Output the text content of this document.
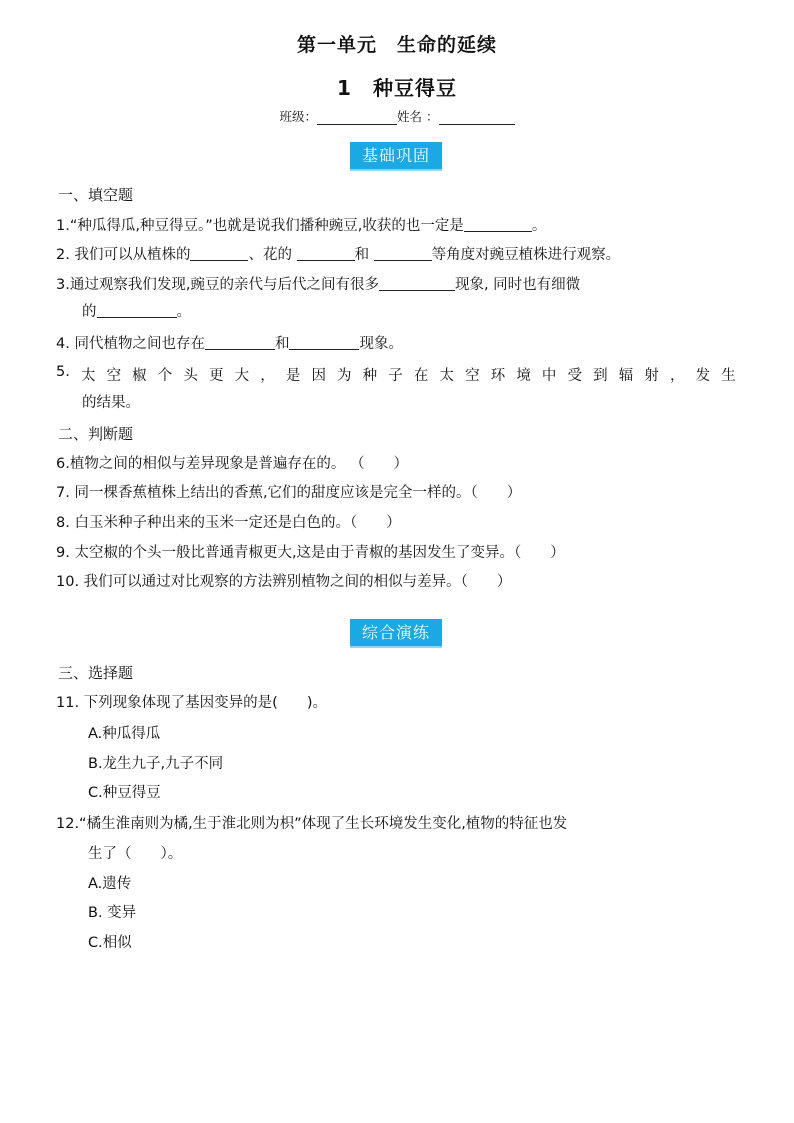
第一单元　生命的延续
1　种豆得豆
班级：	姓名 ：
基础巩固
一、填空题
1.“种瓜得瓜,种豆得豆。”也就是说我们播种豌豆,收获的也一定是	。
2. 我们可以从植株的	、花的	和	等角度对豌豆植株进行观察。
3.通过观察我们发现,豌豆的亲代与后代之间有很多	现象, 同时也有细微
的	。
4. 同代植物之间也存在	和	现象。
5. 太 空 椒 个 头 更 大 ， 是 因 为 种 子 在 太 空 环 境 中 受 到 辐 射 ， 发 生
的结果。
二、判断题
6.植物之间的相似与差异现象是普遍存在的。 （　　）
7. 同一棵香蕉植株上结出的香蕉,它们的甜度应该是完全一样的。（　　）
8. 白玉米种子种出来的玉米一定还是白色的。（　　）
9. 太空椒的个头一般比普通青椒更大,这是由于青椒的基因发生了变异。（　　）
10. 我们可以通过对比观察的方法辨别植物之间的相似与差异。（　　）
综合演练
三、选择题
11. 下列现象体现了基因变异的是(　　)。
A.种瓜得瓜
B.龙生九子,九子不同
C.种豆得豆
12.“橘生淮南则为橘,生于淮北则为枳”体现了生长环境发生变化,植物的特征也发
生了（　　）。
A.遗传
B. 变异
C.相似
